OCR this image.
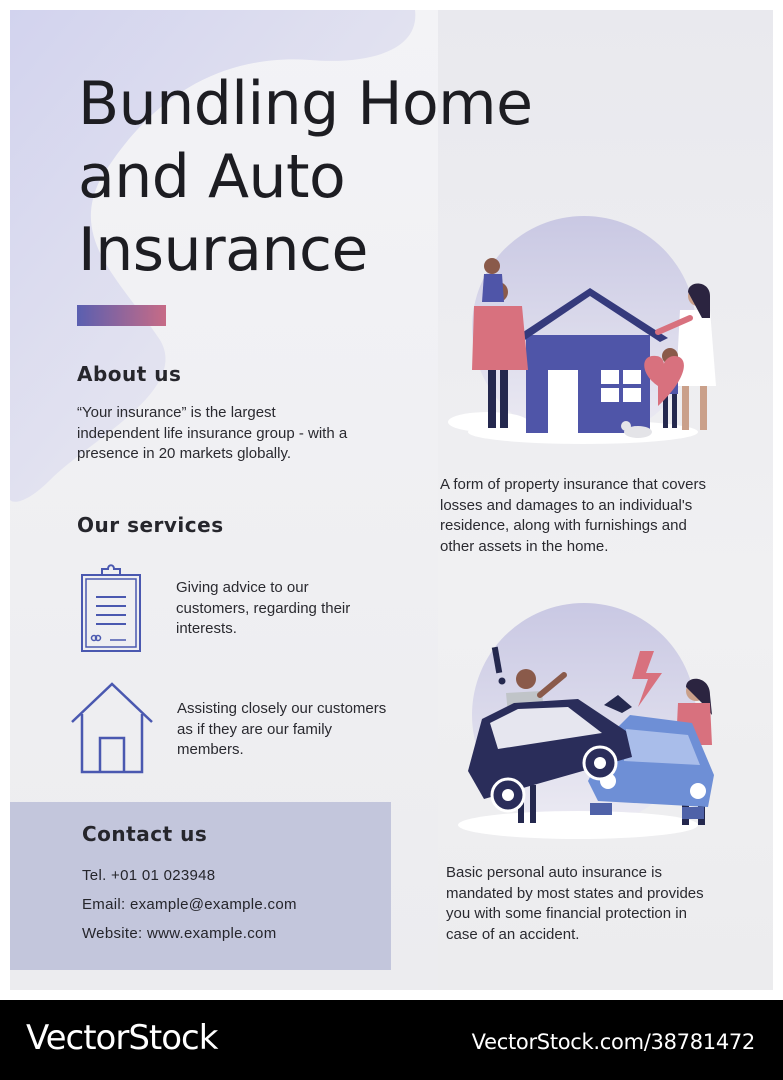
Bundling Home and Auto Insurance
About us

“Your insurance” is the largest independent life insurance group - with a presence in 20 markets globally.

Our services

Giving advice to our customers, regarding their interests.

Assisting closely our customers as if they are our family members.

Contact us
Tel. +01 01 023948
Email: example@example.com
Website: www.example.com

A form of property insurance that covers losses and damages to an individual's residence, along with furnishings and other assets in the home.

Basic personal auto insurance is mandated by most states and provides you with some financial protection in case of an accident.

VectorStock	VectorStock.com/38781472
